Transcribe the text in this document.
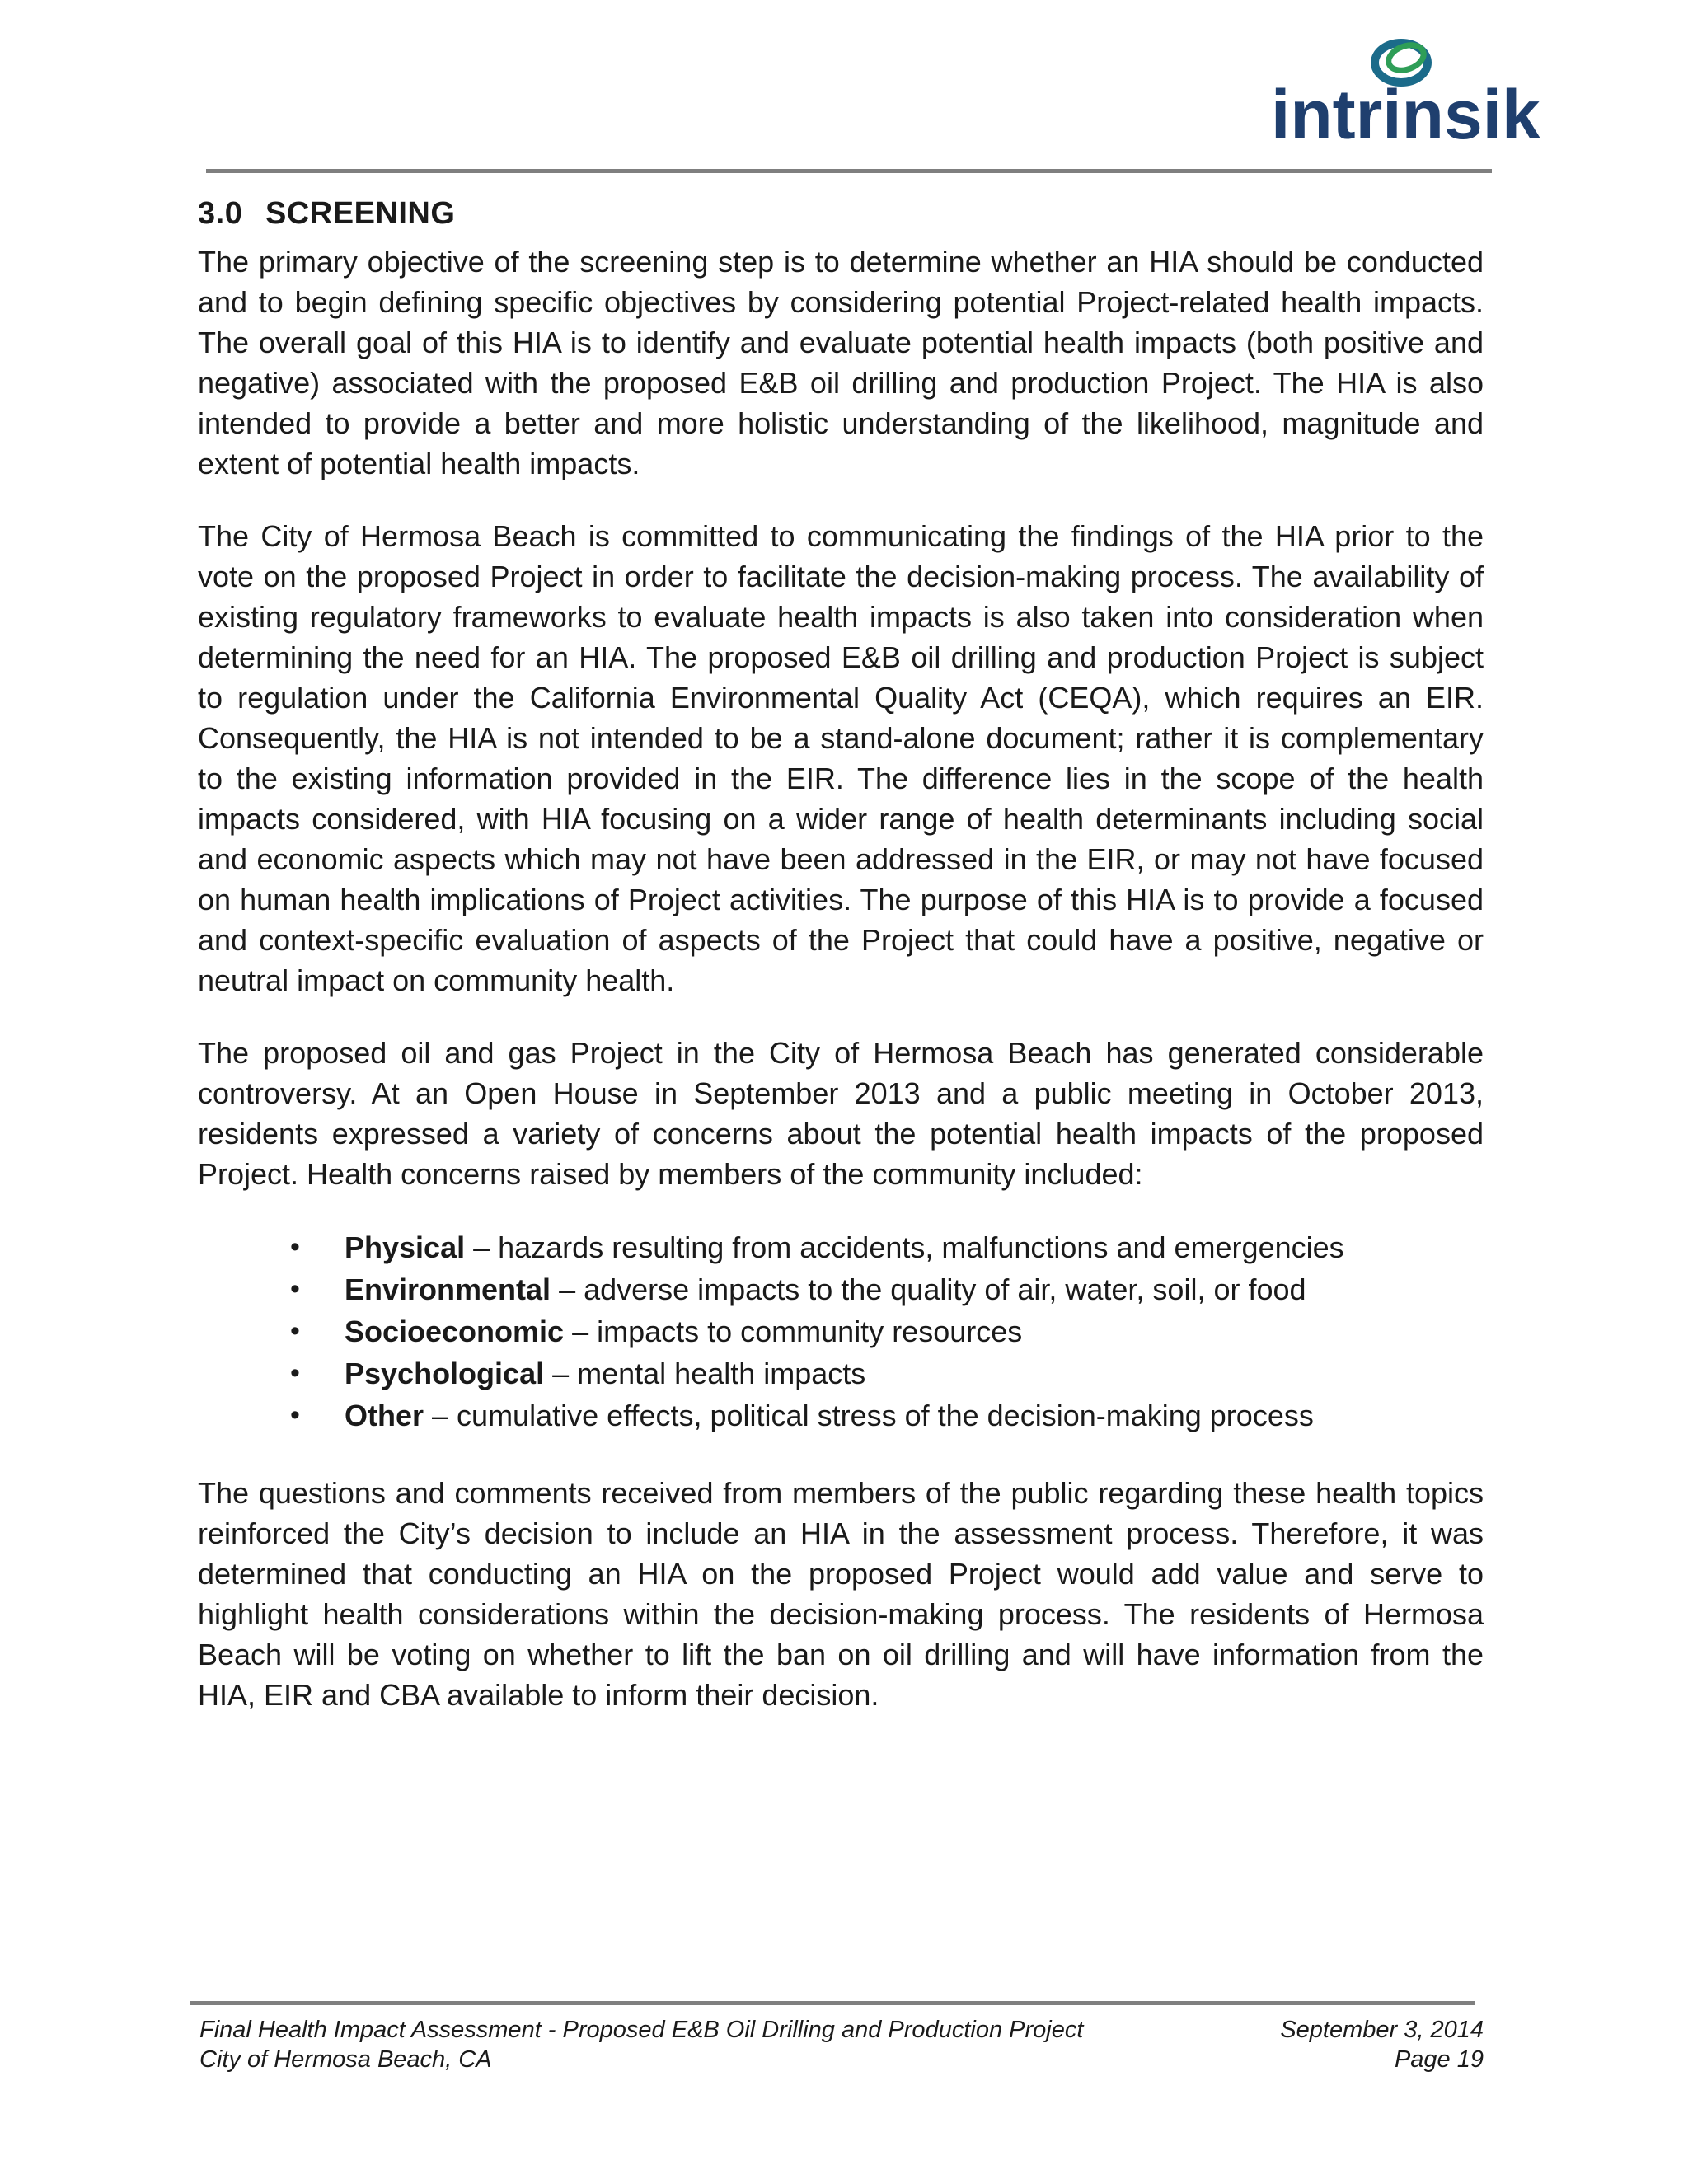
intrinsik
3.0 SCREENING

The primary objective of the screening step is to determine whether an HIA should be conducted and to begin defining specific objectives by considering potential Project-related health impacts. The overall goal of this HIA is to identify and evaluate potential health impacts (both positive and negative) associated with the proposed E&B oil drilling and production Project. The HIA is also intended to provide a better and more holistic understanding of the likelihood, magnitude and extent of potential health impacts.

The City of Hermosa Beach is committed to communicating the findings of the HIA prior to the vote on the proposed Project in order to facilitate the decision-making process. The availability of existing regulatory frameworks to evaluate health impacts is also taken into consideration when determining the need for an HIA. The proposed E&B oil drilling and production Project is subject to regulation under the California Environmental Quality Act (CEQA), which requires an EIR. Consequently, the HIA is not intended to be a stand-alone document; rather it is complementary to the existing information provided in the EIR. The difference lies in the scope of the health impacts considered, with HIA focusing on a wider range of health determinants including social and economic aspects which may not have been addressed in the EIR, or may not have focused on human health implications of Project activities. The purpose of this HIA is to provide a focused and context-specific evaluation of aspects of the Project that could have a positive, negative or neutral impact on community health.

The proposed oil and gas Project in the City of Hermosa Beach has generated considerable controversy. At an Open House in September 2013 and a public meeting in October 2013, residents expressed a variety of concerns about the potential health impacts of the proposed Project. Health concerns raised by members of the community included:

• Physical – hazards resulting from accidents, malfunctions and emergencies
• Environmental – adverse impacts to the quality of air, water, soil, or food
• Socioeconomic – impacts to community resources
• Psychological – mental health impacts
• Other – cumulative effects, political stress of the decision-making process

The questions and comments received from members of the public regarding these health topics reinforced the City’s decision to include an HIA in the assessment process. Therefore, it was determined that conducting an HIA on the proposed Project would add value and serve to highlight health considerations within the decision-making process. The residents of Hermosa Beach will be voting on whether to lift the ban on oil drilling and will have information from the HIA, EIR and CBA available to inform their decision.

Final Health Impact Assessment - Proposed E&B Oil Drilling and Production Project	September 3, 2014
City of Hermosa Beach, CA	Page 19
